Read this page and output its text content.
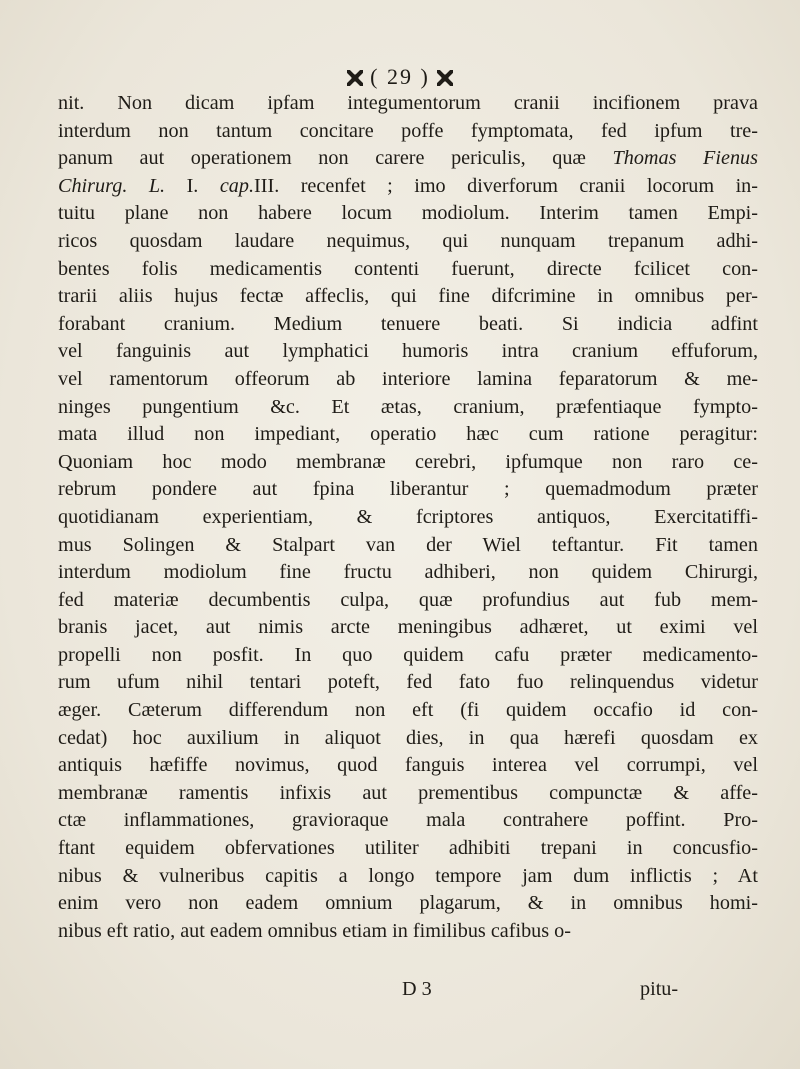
( 29 )
nit. Non dicam ipfam integumentorum cranii incifionem prava
interdum non tantum concitare poffe fymptomata, fed ipfum tre-
panum aut operationem non carere periculis, quæ Thomas Fienus
Chirurg. L. I. cap.III. recenfet ; imo diverforum cranii locorum in-
tuitu plane non habere locum modiolum. Interim tamen Empi-
ricos quosdam laudare nequimus, qui nunquam trepanum adhi-
bentes folis medicamentis contenti fuerunt, directe fcilicet con-
trarii aliis hujus fectæ affeclis, qui fine difcrimine in omnibus per-
forabant cranium. Medium tenuere beati. Si indicia adfint
vel fanguinis aut lymphatici humoris intra cranium effuforum,
vel ramentorum offeorum ab interiore lamina feparatorum & me-
ninges pungentium &c. Et ætas, cranium, præfentiaque fympto-
mata illud non impediant, operatio hæc cum ratione peragitur:
Quoniam hoc modo membranæ cerebri, ipfumque non raro ce-
rebrum pondere aut fpina liberantur ; quemadmodum præter
quotidianam experientiam, & fcriptores antiquos, Exercitatiffi-
mus Solingen & Stalpart van der Wiel teftantur. Fit tamen
interdum modiolum fine fructu adhiberi, non quidem Chirurgi,
fed materiæ decumbentis culpa, quæ profundius aut fub mem-
branis jacet, aut nimis arcte meningibus adhæret, ut eximi vel
propelli non posfit. In quo quidem cafu præter medicamento-
rum ufum nihil tentari poteft, fed fato fuo relinquendus videtur
æger. Cæterum differendum non eft (fi quidem occafio id con-
cedat) hoc auxilium in aliquot dies, in qua hærefi quosdam ex
antiquis hæfiffe novimus, quod fanguis interea vel corrumpi, vel
membranæ ramentis infixis aut prementibus compunctæ & affe-
ctæ inflammationes, gravioraque mala contrahere poffint. Pro-
ftant equidem obfervationes utiliter adhibiti trepani in concusfio-
nibus & vulneribus capitis a longo tempore jam dum inflictis ; At
enim vero non eadem omnium plagarum, & in omnibus homi-
nibus eft ratio, aut eadem omnibus etiam in fimilibus cafibus o-
D 3	pitu-
